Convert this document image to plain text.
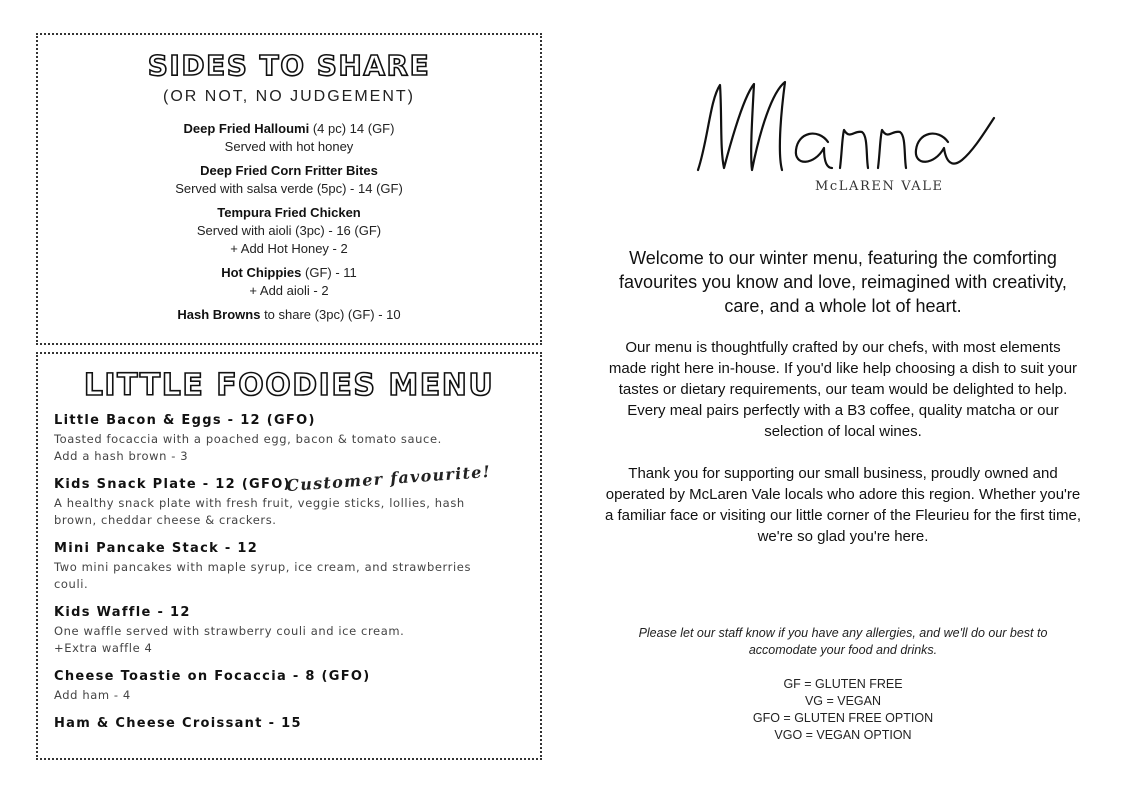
SIDES TO SHARE
(OR NOT, NO JUDGEMENT)
Deep Fried Halloumi (4 pc) 14 (GF)
Served with hot honey
Deep Fried Corn Fritter Bites
Served with salsa verde (5pc) - 14 (GF)
Tempura Fried Chicken
Served with aioli (3pc) - 16 (GF)
+ Add Hot Honey - 2
Hot Chippies (GF) - 11
+ Add aioli - 2
Hash Browns to share (3pc) (GF) - 10
LITTLE FOODIES MENU
Little Bacon & Eggs - 12 (GFO)
Toasted focaccia with a poached egg, bacon & tomato sauce.
Add a hash brown - 3
Kids Snack Plate - 12 (GFO)
Customer favourite!
A healthy snack plate with fresh fruit, veggie sticks, lollies, hash brown, cheddar cheese & crackers.
Mini Pancake Stack - 12
Two mini pancakes with maple syrup, ice cream, and strawberries couli.
Kids Waffle - 12
One waffle served with strawberry couli and ice cream.
+Extra waffle 4
Cheese Toastie on Focaccia - 8 (GFO)
Add ham - 4
Ham & Cheese Croissant - 15
McLAREN VALE
Welcome to our winter menu, featuring the comforting favourites you know and love, reimagined with creativity, care, and a whole lot of heart.
Our menu is thoughtfully crafted by our chefs, with most elements made right here in-house. If you'd like help choosing a dish to suit your tastes or dietary requirements, our team would be delighted to help. Every meal pairs perfectly with a B3 coffee, quality matcha or our selection of local wines.
Thank you for supporting our small business, proudly owned and operated by McLaren Vale locals who adore this region. Whether you're a familiar face or visiting our little corner of the Fleurieu for the first time, we're so glad you're here.
Please let our staff know if you have any allergies, and we'll do our best to accomodate your food and drinks.
GF = GLUTEN FREE
VG = VEGAN
GFO = GLUTEN FREE OPTION
VGO = VEGAN OPTION
